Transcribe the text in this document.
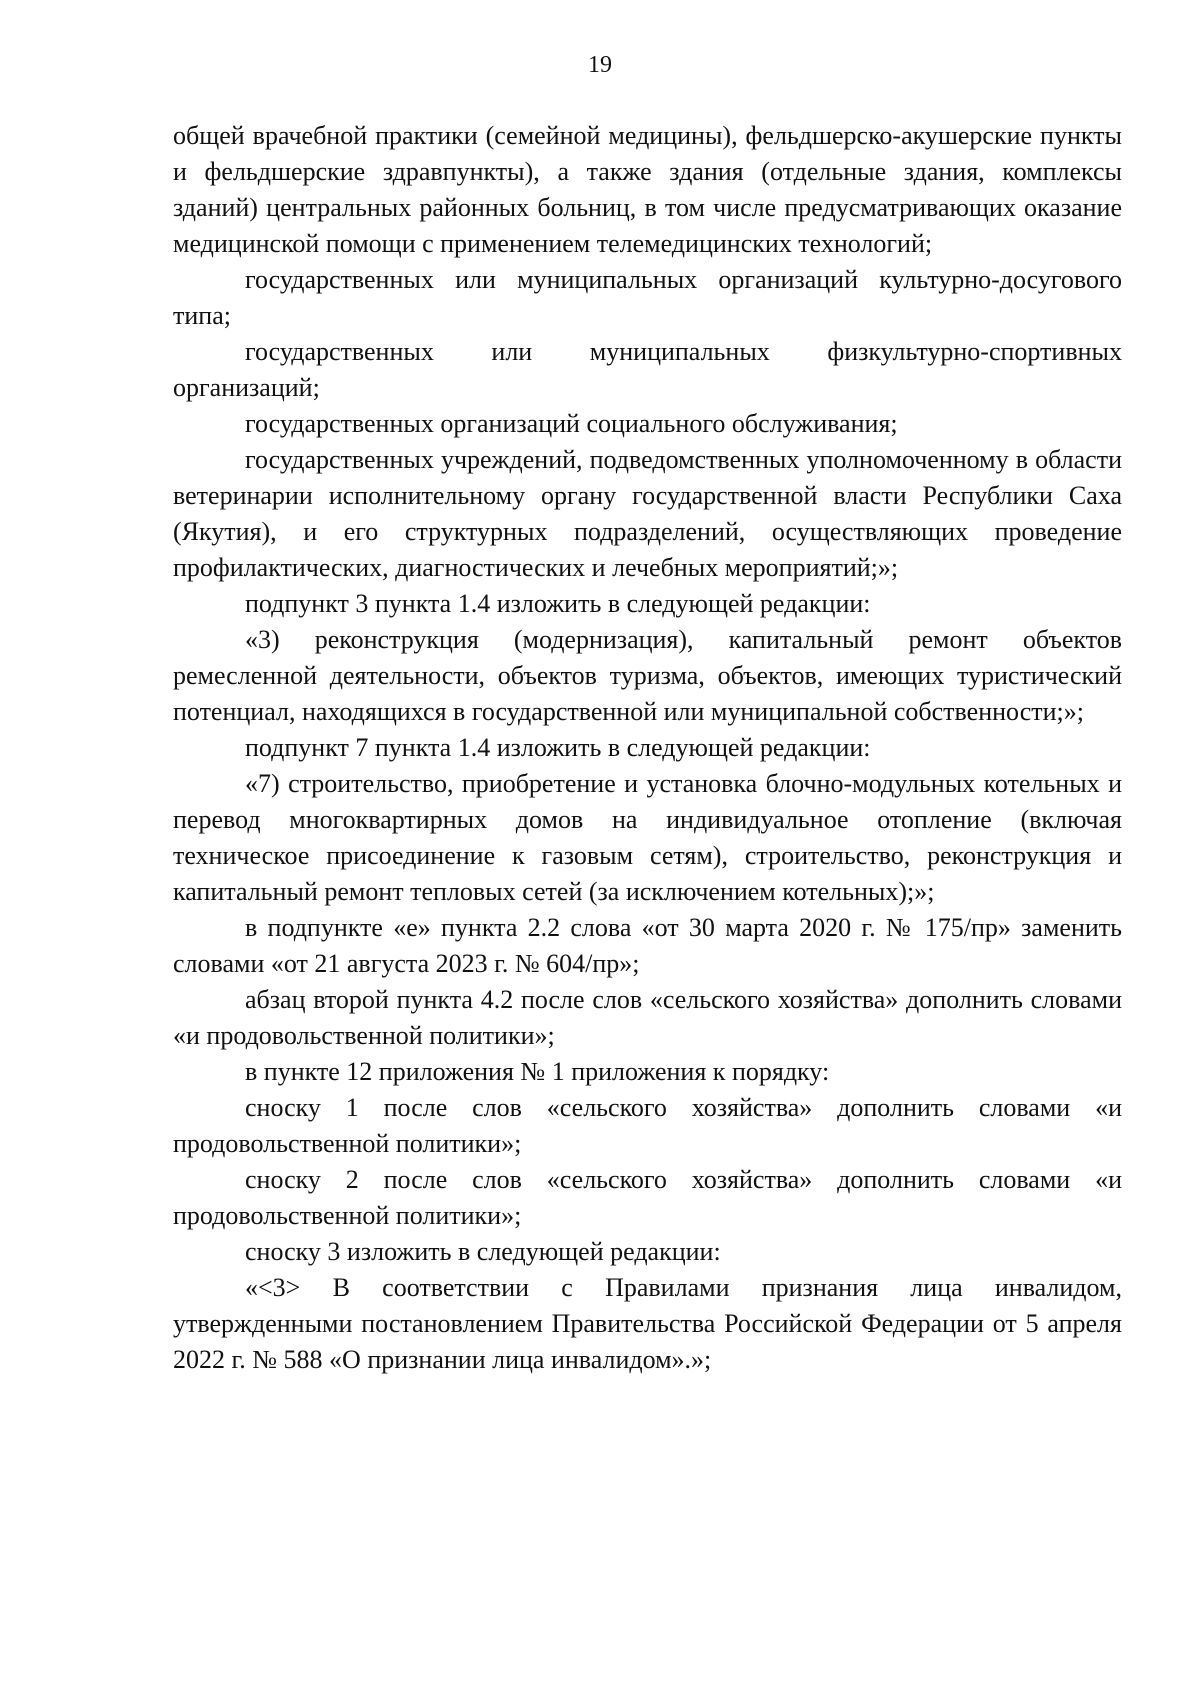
19

общей врачебной практики (семейной медицины), фельдшерско-акушерские пункты и фельдшерские здравпункты), а также здания (отдельные здания, комплексы зданий) центральных районных больниц, в том числе предусматривающих оказание медицинской помощи с применением телемедицинских технологий;

государственных или муниципальных организаций культурно-досугового типа;

государственных или муниципальных физкультурно-спортивных организаций;

государственных организаций социального обслуживания;

государственных учреждений, подведомственных уполномоченному в области ветеринарии исполнительному органу государственной власти Республики Саха (Якутия), и его структурных подразделений, осуществляющих проведение профилактических, диагностических и лечебных мероприятий;»;

подпункт 3 пункта 1.4 изложить в следующей редакции:

«3) реконструкция (модернизация), капитальный ремонт объектов ремесленной деятельности, объектов туризма, объектов, имеющих туристический потенциал, находящихся в государственной или муниципальной собственности;»;

подпункт 7 пункта 1.4 изложить в следующей редакции:

«7) строительство, приобретение и установка блочно-модульных котельных и перевод многоквартирных домов на индивидуальное отопление (включая техническое присоединение к газовым сетям), строительство, реконструкция и капитальный ремонт тепловых сетей (за исключением котельных);»;

в подпункте «е» пункта 2.2 слова «от 30 марта 2020 г. № 175/пр» заменить словами «от 21 августа 2023 г. № 604/пр»;

абзац второй пункта 4.2 после слов «сельского хозяйства» дополнить словами «и продовольственной политики»;

в пункте 12 приложения № 1 приложения к порядку:

сноску 1 после слов «сельского хозяйства» дополнить словами «и продовольственной политики»;

сноску 2 после слов «сельского хозяйства» дополнить словами «и продовольственной политики»;

сноску 3 изложить в следующей редакции:

«<3> В соответствии с Правилами признания лица инвалидом, утвержденными постановлением Правительства Российской Федерации от 5 апреля 2022 г. № 588 «О признании лица инвалидом».»;
